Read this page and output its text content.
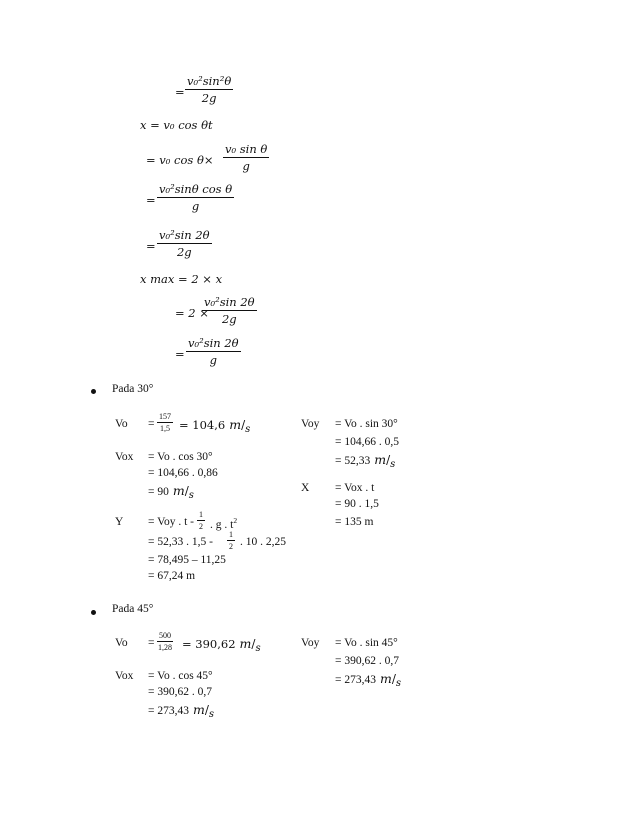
= $\frac{\text{v₀²sin²θ}}{2g}$
x = v₀ cos θt
= v₀ $\cos \theta\times \frac{\text{v₀ sin θ}}{g}$
= $\frac{\text{v₀²sinθ cos θ}}{g}$
= $\frac{\text{v₀²sin 2θ}}{2g}$
x max = 2 × x
= 2 ×
$\frac{\text{v₀²sin 2θ}}{2g}$
= $\frac{\text{v₀²sin 2θ}}{g}$
Pada 30°
$Vo = \frac{157}{1,5} = 104,6$ m/s	Voy = Vo . sin 30°
= 104,66 . 0,5
= 52,33 m/s
Vox = Vo . cos 30°
= 104,66 . 0,86
= 90 m/s
X = Vox . t
= 90 . 1,5
= 135 m
Y = Voy . t - $\frac{1}{2}$ . g . $t^2$
= 52,33 . $1,5 - \frac{1}{2}$ . 10 . 2,25
= 78,495 – 11,25
= 67,24 m
Pada 45°
$Vo = \frac{500}{1,28} = 390,62$ m/s	Voy = Vo . sin 45°
= 390,62 . 0,7
= 273,43 m/s
Vox = Vo . cos 45°
= 390,62 . 0,7
= 273,43 m/s
